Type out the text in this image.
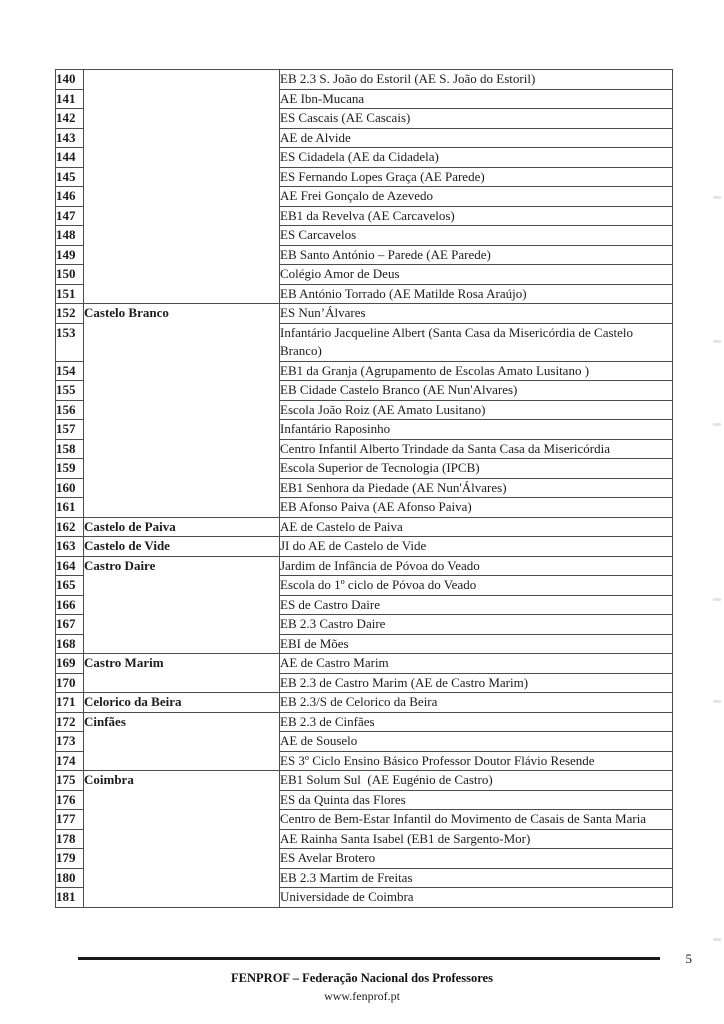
140		EB 2.3 S. João do Estoril (AE S. João do Estoril)
141		AE Ibn-Mucana
142		ES Cascais (AE Cascais)
143		AE de Alvide
144		ES Cidadela (AE da Cidadela)
145		ES Fernando Lopes Graça (AE Parede)
146		AE Frei Gonçalo de Azevedo
147		EB1 da Revelva (AE Carcavelos)
148		ES Carcavelos
149		EB Santo António – Parede (AE Parede)
150		Colégio Amor de Deus
151		EB António Torrado (AE Matilde Rosa Araújo)
152	Castelo Branco	ES Nun’Álvares
153		Infantário Jacqueline Albert (Santa Casa da Misericórdia de Castelo Branco)
154		EB1 da Granja (Agrupamento de Escolas Amato Lusitano )
155		EB Cidade Castelo Branco (AE Nun'Alvares)
156		Escola João Roiz (AE Amato Lusitano)
157		Infantário Raposinho
158		Centro Infantil Alberto Trindade da Santa Casa da Misericórdia
159		Escola Superior de Tecnologia (IPCB)
160		EB1 Senhora da Piedade (AE Nun'Álvares)
161		EB Afonso Paiva (AE Afonso Paiva)
162	Castelo de Paiva	AE de Castelo de Paiva
163	Castelo de Vide	JI do AE de Castelo de Vide
164	Castro Daire	Jardim de Infância de Póvoa do Veado
165		Escola do 1º ciclo de Póvoa do Veado
166		ES de Castro Daire
167		EB 2.3 Castro Daire
168		EBI de Mões
169	Castro Marim	AE de Castro Marim
170		EB 2.3 de Castro Marim (AE de Castro Marim)
171	Celorico da Beira	EB 2.3/S de Celorico da Beira
172	Cinfães	EB 2.3 de Cinfães
173		AE de Souselo
174		ES 3º Ciclo Ensino Básico Professor Doutor Flávio Resende
175	Coimbra	EB1 Solum Sul  (AE Eugénio de Castro)
176		ES da Quinta das Flores
177		Centro de Bem-Estar Infantil do Movimento de Casais de Santa Maria
178		AE Rainha Santa Isabel (EB1 de Sargento-Mor)
179		ES Avelar Brotero
180		EB 2.3 Martim de Freitas
181		Universidade de Coimbra
5
FENPROF – Federação Nacional dos Professores
www.fenprof.pt
